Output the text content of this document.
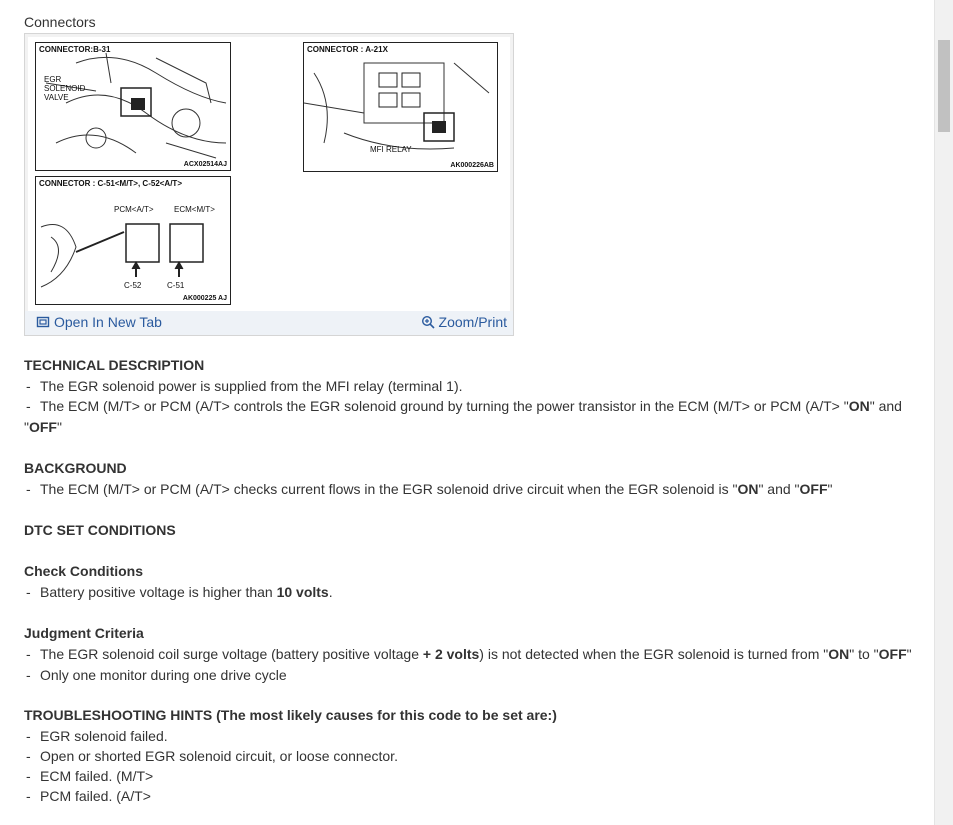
Connectors
CONNECTOR:B-31
EGR
SOLENOID
VALVE
ACX02514AJ
CONNECTOR : A-21X
MFI RELAY
AK000226AB
CONNECTOR : C-51<M/T>, C-52<A/T>
PCM<A/T>	ECM<M/T>
C-52	C-51
AK000225 AJ
Open In New Tab	Zoom/Print
TECHNICAL DESCRIPTION
- The EGR solenoid power is supplied from the MFI relay (terminal 1).
- The ECM (M/T> or PCM (A/T> controls the EGR solenoid ground by turning the power transistor in the ECM (M/T> or PCM (A/T> "ON" and
"OFF"
BACKGROUND
- The ECM (M/T> or PCM (A/T> checks current flows in the EGR solenoid drive circuit when the EGR solenoid is "ON" and "OFF"
DTC SET CONDITIONS
Check Conditions
- Battery positive voltage is higher than 10 volts.
Judgment Criteria
- The EGR solenoid coil surge voltage (battery positive voltage + 2 volts) is not detected when the EGR solenoid is turned from "ON" to "OFF"
- Only one monitor during one drive cycle
TROUBLESHOOTING HINTS (The most likely causes for this code to be set are:)
- EGR solenoid failed.
- Open or shorted EGR solenoid circuit, or loose connector.
- ECM failed. (M/T>
- PCM failed. (A/T>
